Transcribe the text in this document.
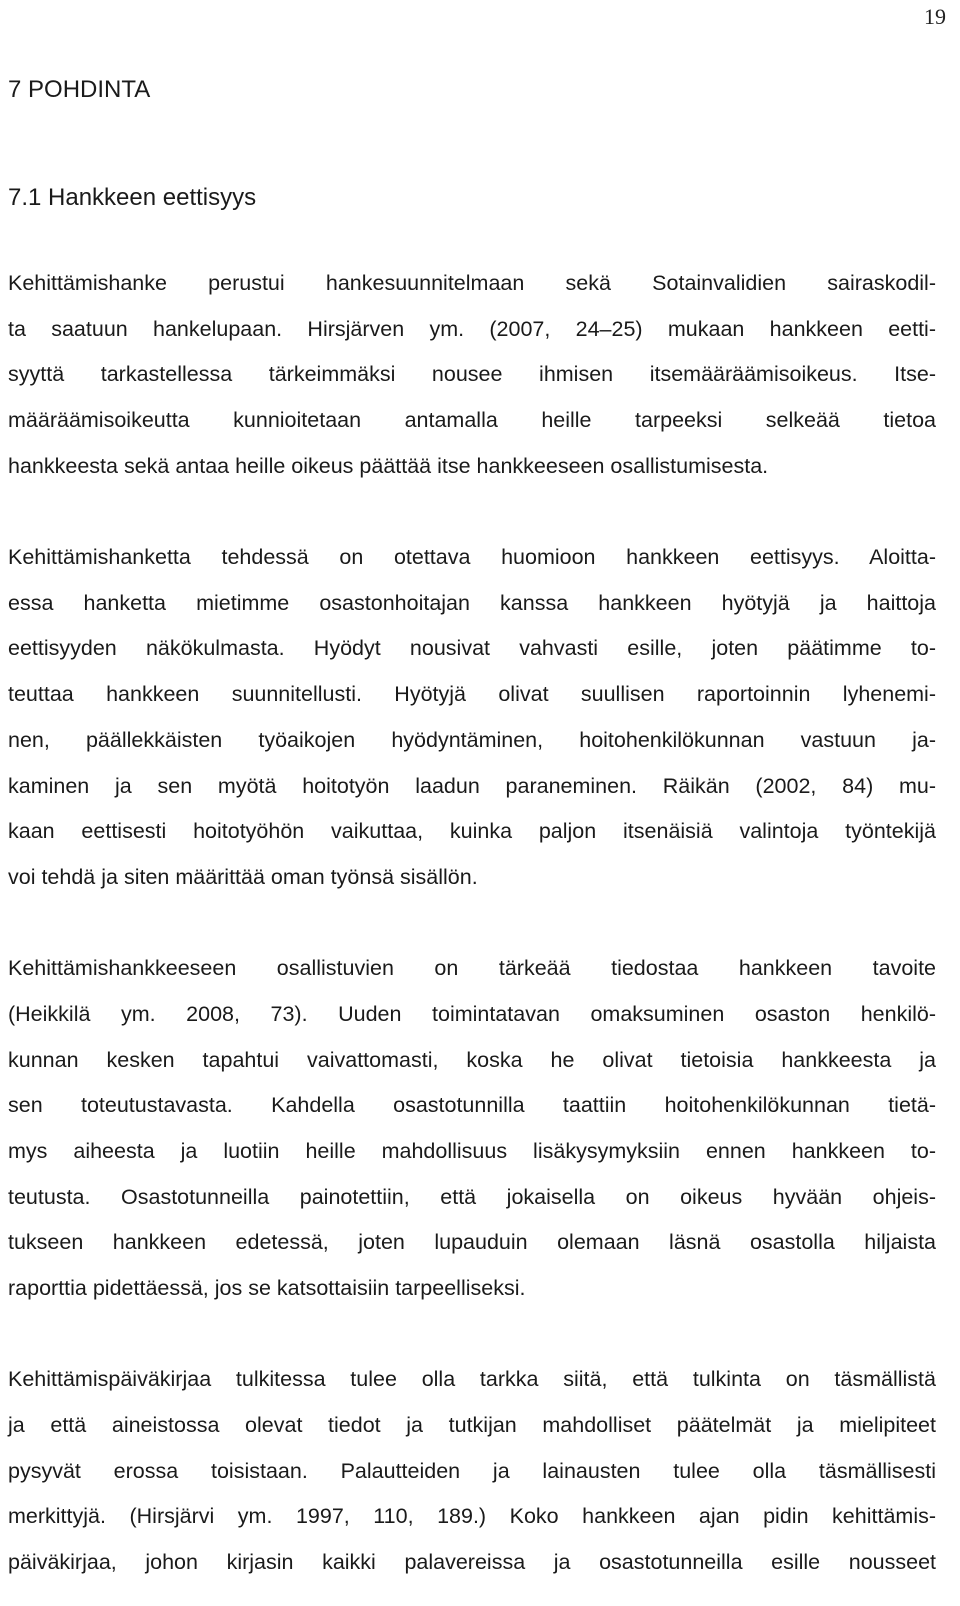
19
7 POHDINTA
7.1 Hankkeen eettisyys

Kehittämishanke perustui hankesuunnitelmaan sekä Sotainvalidien sairaskodil-
ta saatuun hankelupaan. Hirsjärven ym. (2007, 24–25) mukaan hankkeen eetti-
syyttä tarkastellessa tärkeimmäksi nousee ihmisen itsemääräämisoikeus. Itse-
määräämisoikeutta kunnioitetaan antamalla heille tarpeeksi selkeää tietoa
hankkeesta sekä antaa heille oikeus päättää itse hankkeeseen osallistumisesta.

Kehittämishanketta tehdessä on otettava huomioon hankkeen eettisyys. Aloitta-
essa hanketta mietimme osastonhoitajan kanssa hankkeen hyötyjä ja haittoja
eettisyyden näkökulmasta. Hyödyt nousivat vahvasti esille, joten päätimme to-
teuttaa hankkeen suunnitellusti. Hyötyjä olivat suullisen raportoinnin lyhenemi-
nen, päällekkäisten työaikojen hyödyntäminen, hoitohenkilökunnan vastuun ja-
kaminen ja sen myötä hoitotyön laadun paraneminen. Räikän (2002, 84) mu-
kaan eettisesti hoitotyöhön vaikuttaa, kuinka paljon itsenäisiä valintoja työntekijä
voi tehdä ja siten määrittää oman työnsä sisällön.

Kehittämishankkeeseen osallistuvien on tärkeää tiedostaa hankkeen tavoite
(Heikkilä ym. 2008, 73). Uuden toimintatavan omaksuminen osaston henkilö-
kunnan kesken tapahtui vaivattomasti, koska he olivat tietoisia hankkeesta ja
sen toteutustavasta. Kahdella osastotunnilla taattiin hoitohenkilökunnan tietä-
mys aiheesta ja luotiin heille mahdollisuus lisäkysymyksiin ennen hankkeen to-
teutusta. Osastotunneilla painotettiin, että jokaisella on oikeus hyvään ohjeis-
tukseen hankkeen edetessä, joten lupauduin olemaan läsnä osastolla hiljaista
raporttia pidettäessä, jos se katsottaisiin tarpeelliseksi.

Kehittämispäiväkirjaa tulkitessa tulee olla tarkka siitä, että tulkinta on täsmällistä
ja että aineistossa olevat tiedot ja tutkijan mahdolliset päätelmät ja mielipiteet
pysyvät erossa toisistaan. Palautteiden ja lainausten tulee olla täsmällisesti
merkittyjä. (Hirsjärvi ym. 1997, 110, 189.) Koko hankkeen ajan pidin kehittämis-
päiväkirjaa, johon kirjasin kaikki palavereissa ja osastotunneilla esille nousseet
